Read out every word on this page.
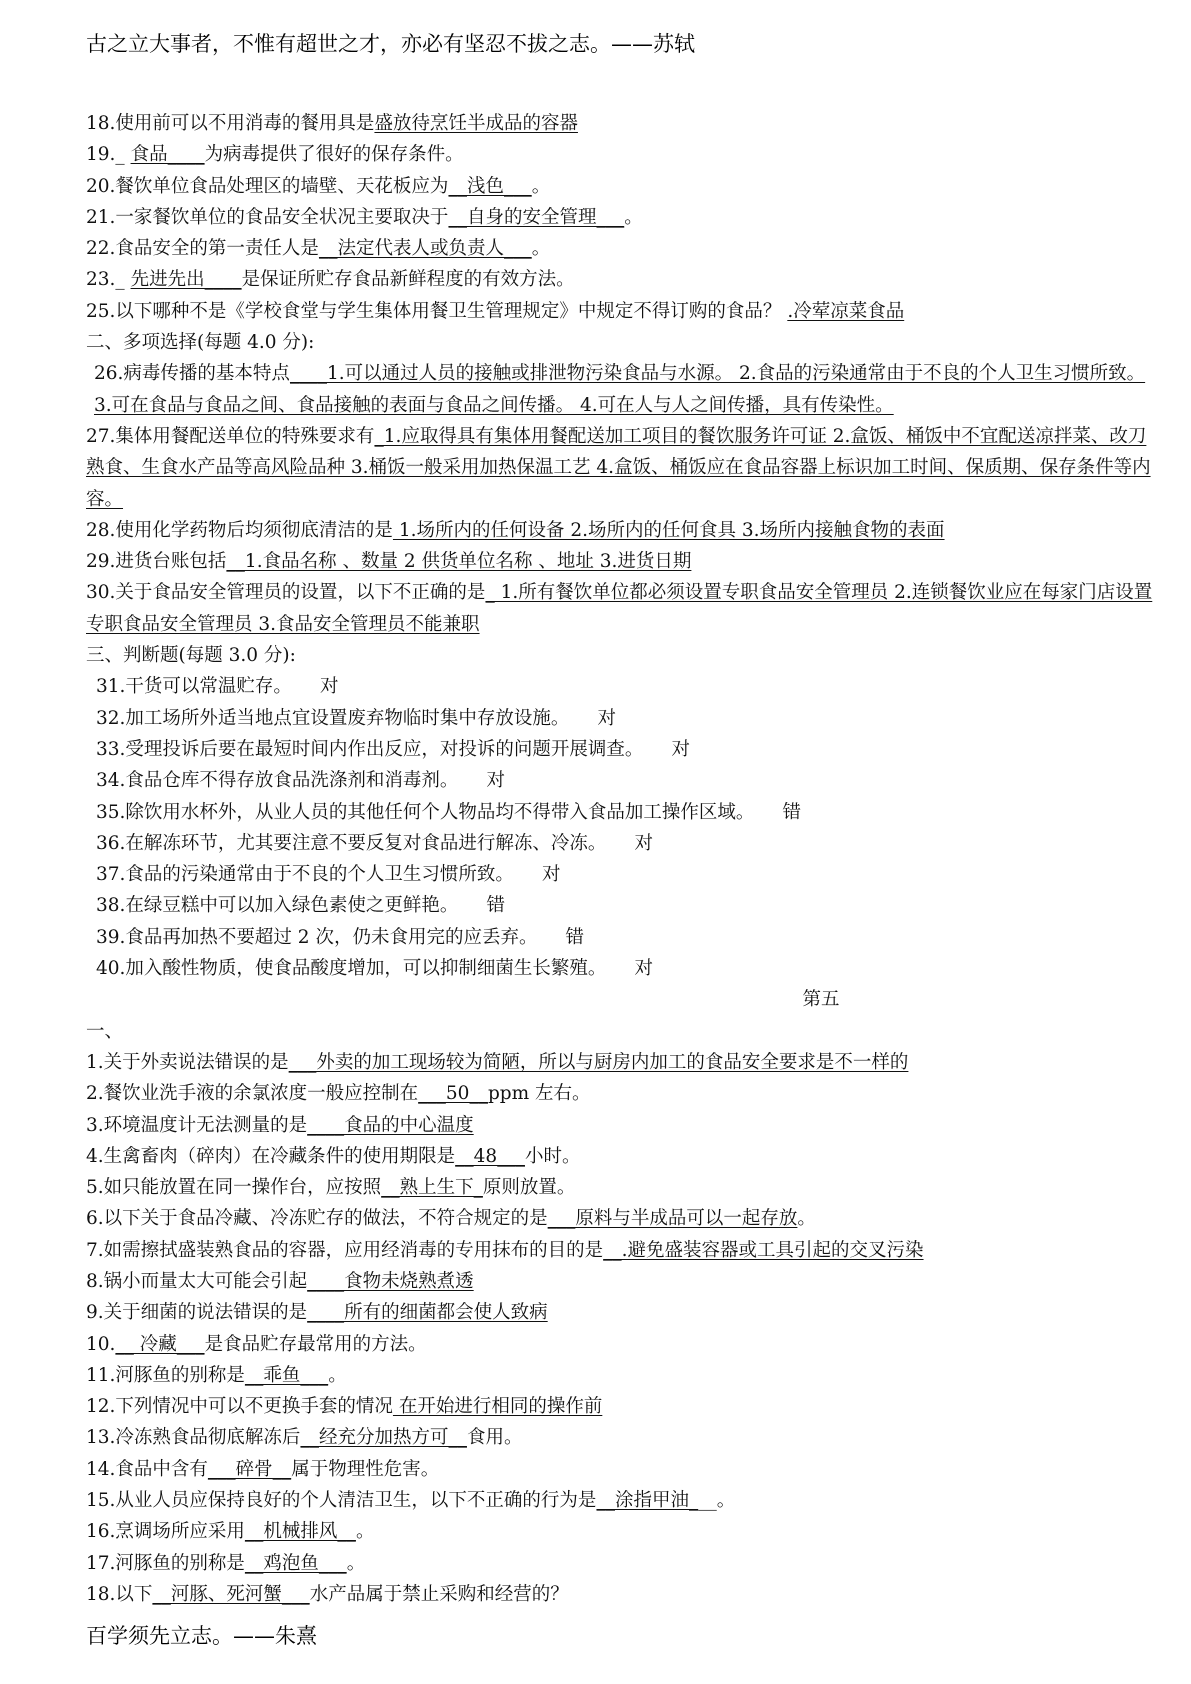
古之立大事者，不惟有超世之才，亦必有坚忍不拔之志。——苏轼
18.使用前可以不用消毒的餐用具是盛放待烹饪半成品的容器
19._ 食品____为病毒提供了很好的保存条件。
20.餐饮单位食品处理区的墙壁、天花板应为__浅色___。
21.一家餐饮单位的食品安全状况主要取决于__自身的安全管理___。
22.食品安全的第一责任人是__法定代表人或负责人___。
23._ 先进先出____是保证所贮存食品新鲜程度的有效方法。
25.以下哪种不是《学校食堂与学生集体用餐卫生管理规定》中规定不得订购的食品？ .冷荤凉菜食品
二、多项选择(每题 4.0 分):
26.病毒传播的基本特点____1.可以通过人员的接触或排泄物污染食品与水源。 2.食品的污染通常由于不良的个人卫生习惯所致。 3.可在食品与食品之间、食品接触的表面与食品之间传播。 4.可在人与人之间传播，具有传染性。
27.集体用餐配送单位的特殊要求有_1.应取得具有集体用餐配送加工项目的餐饮服务许可证 2.盒饭、桶饭中不宜配送凉拌菜、改刀熟食、生食水产品等高风险品种 3.桶饭一般采用加热保温工艺 4.盒饭、桶饭应在食品容器上标识加工时间、保质期、保存条件等内容。
28.使用化学药物后均须彻底清洁的是 1.场所内的任何设备 2.场所内的任何食具 3.场所内接触食物的表面
29.进货台账包括__1.食品名称 、数量 2 供货单位名称 、地址 3.进货日期
30.关于食品安全管理员的设置，以下不正确的是_ 1.所有餐饮单位都必须设置专职食品安全管理员 2.连锁餐饮业应在每家门店设置专职食品安全管理员 3.食品安全管理员不能兼职
三、判断题(每题 3.0 分):
31.干货可以常温贮存。 对
32.加工场所外适当地点宜设置废弃物临时集中存放设施。 对
33.受理投诉后要在最短时间内作出反应，对投诉的问题开展调查。 对
34.食品仓库不得存放食品洗涤剂和消毒剂。 对
35.除饮用水杯外，从业人员的其他任何个人物品均不得带入食品加工操作区域。 错
36.在解冻环节，尤其要注意不要反复对食品进行解冻、冷冻。 对
37.食品的污染通常由于不良的个人卫生习惯所致。 对
38.在绿豆糕中可以加入绿色素使之更鲜艳。 错
39.食品再加热不要超过 2 次，仍未食用完的应丢弃。 错
40.加入酸性物质，使食品酸度增加，可以抑制细菌生长繁殖。 对
第五
一、
1.关于外卖说法错误的是___外卖的加工现场较为简陋，所以与厨房内加工的食品安全要求是不一样的
2.餐饮业洗手液的余氯浓度一般应控制在___50__ppm 左右。
3.环境温度计无法测量的是____食品的中心温度
4.生禽畜肉（碎肉）在冷藏条件的使用期限是__48___小时。
5.如只能放置在同一操作台，应按照__熟上生下_原则放置。
6.以下关于食品冷藏、冷冻贮存的做法，不符合规定的是___原料与半成品可以一起存放。
7.如需擦拭盛装熟食品的容器，应用经消毒的专用抹布的目的是__.避免盛装容器或工具引起的交叉污染
8.锅小而量太大可能会引起____食物未烧熟煮透
9.关于细菌的说法错误的是____所有的细菌都会使人致病
10.__ 冷藏___是食品贮存最常用的方法。
11.河豚鱼的别称是__乖鱼___。
12.下列情况中可以不更换手套的情况 在开始进行相同的操作前
13.冷冻熟食品彻底解冻后__经充分加热方可__食用。
14.食品中含有___碎骨__属于物理性危害。
15.从业人员应保持良好的个人清洁卫生，以下不正确的行为是__涂指甲油___。
16.烹调场所应采用__机械排风__。
17.河豚鱼的别称是__鸡泡鱼___。
18.以下__河豚、死河蟹___水产品属于禁止采购和经营的？
百学须先立志。——朱熹
